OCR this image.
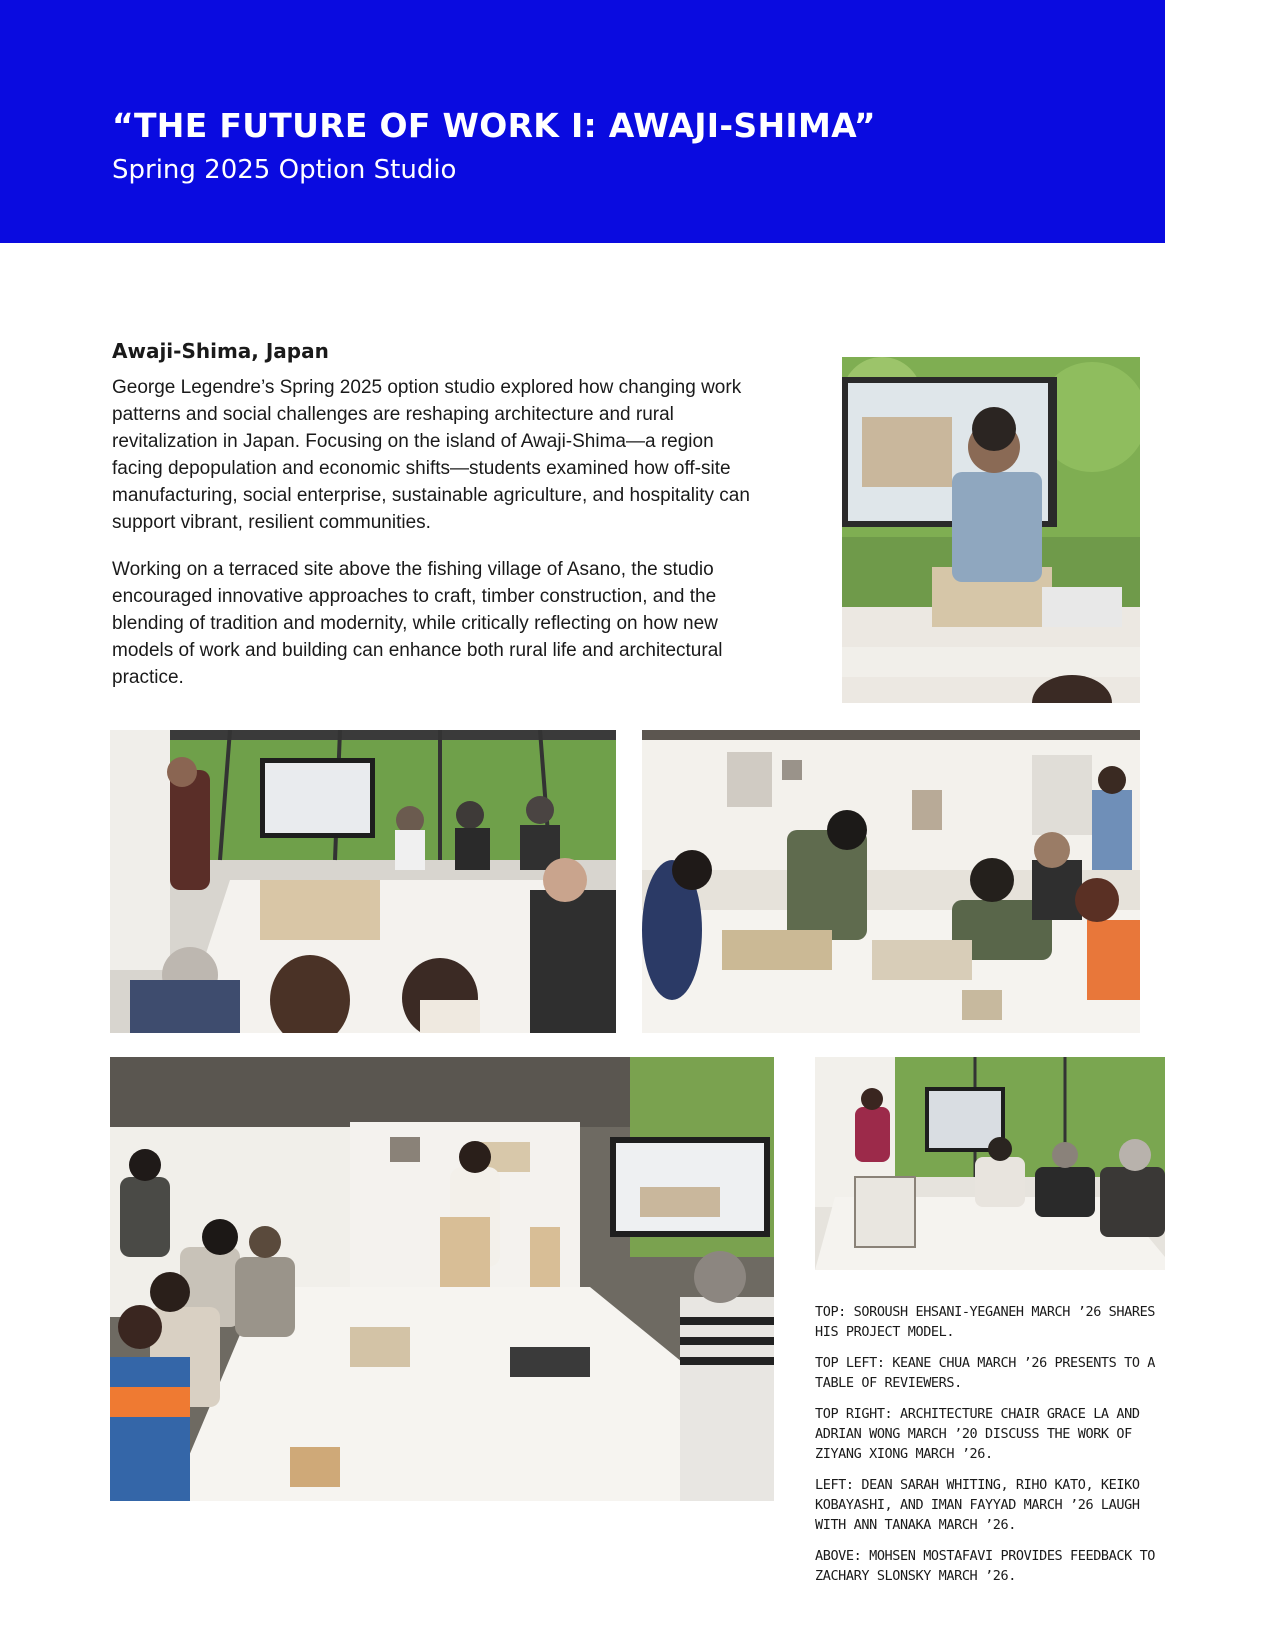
“THE FUTURE OF WORK I: AWAJI-SHIMA”
Spring 2025 Option Studio
Awaji-Shima, Japan

George Legendre’s Spring 2025 option studio explored how changing work patterns and social challenges are reshaping architecture and rural revitalization in Japan. Focusing on the island of Awaji-Shima—a region facing depopulation and economic shifts—students examined how off-site manufacturing, social enterprise, sustainable agriculture, and hospitality can support vibrant, resilient communities.

Working on a terraced site above the fishing village of Asano, the studio encouraged innovative approaches to craft, timber construction, and the blending of tradition and modernity, while critically reflecting on how new models of work and building can enhance both rural life and architectural practice.

TOP: SOROUSH EHSANI-YEGANEH MARCH ’26 SHARES HIS PROJECT MODEL.

TOP LEFT: KEANE CHUA MARCH ’26 PRESENTS TO A TABLE OF REVIEWERS.

TOP RIGHT: ARCHITECTURE CHAIR GRACE LA AND ADRIAN WONG MARCH ’20 DISCUSS THE WORK OF ZIYANG XIONG MARCH ’26.

LEFT: DEAN SARAH WHITING, RIHO KATO, KEIKO KOBAYASHI, AND IMAN FAYYAD MARCH ’26 LAUGH WITH ANN TANAKA MARCH ’26.

ABOVE: MOHSEN MOSTAFAVI PROVIDES FEEDBACK TO ZACHARY SLONSKY MARCH ’26.
